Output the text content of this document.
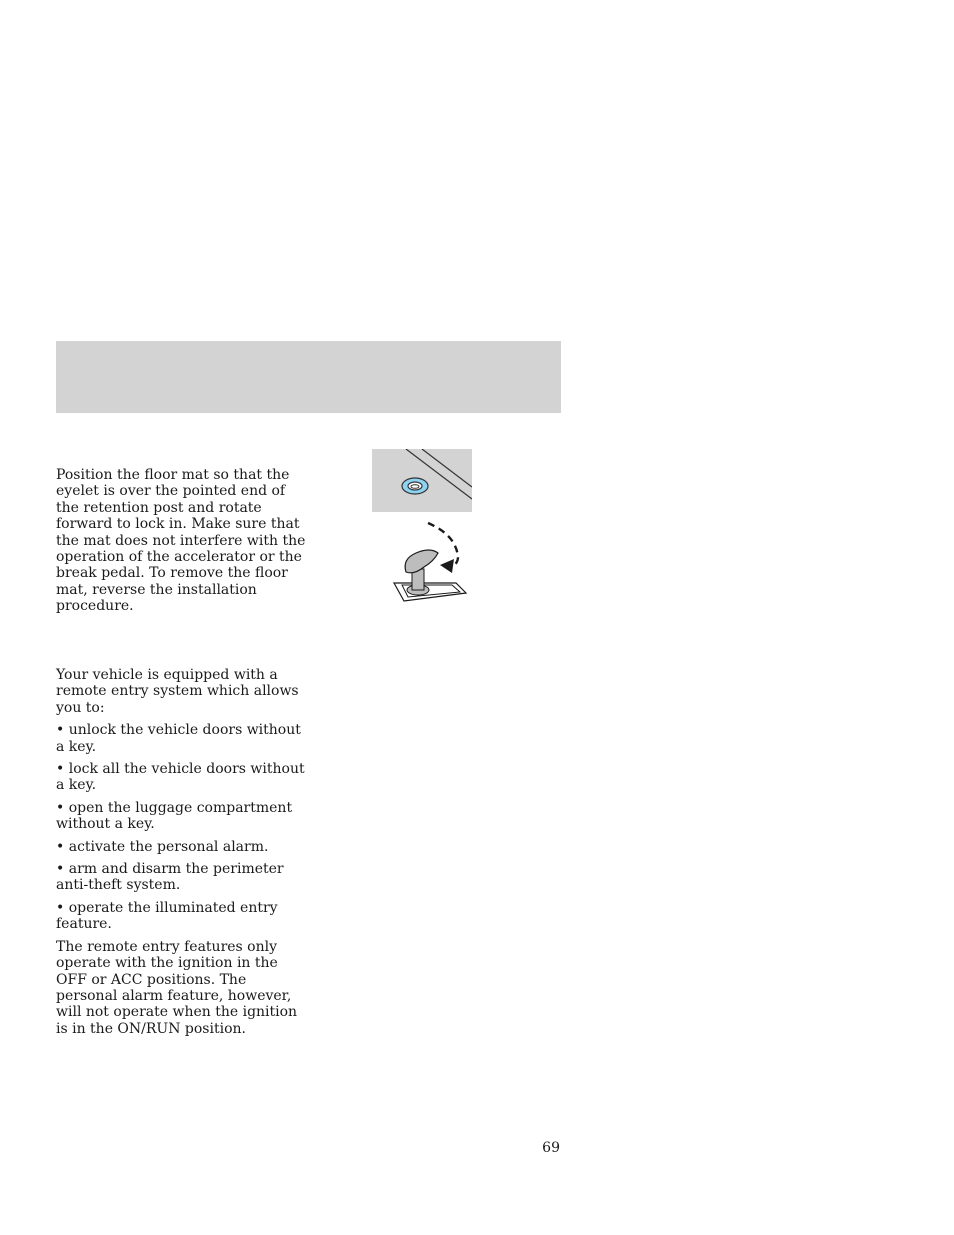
Position the floor mat so that the eyelet is over the pointed end of the retention post and rotate forward to lock in. Make sure that the mat does not interfere with the operation of the accelerator or the break pedal. To remove the floor mat, reverse the installation procedure.

Your vehicle is equipped with a remote entry system which allows you to:

• unlock the vehicle doors without a key.

• lock all the vehicle doors without a key.

• open the luggage compartment without a key.

• activate the personal alarm.

• arm and disarm the perimeter anti-theft system.

• operate the illuminated entry feature.

The remote entry features only operate with the ignition in the OFF or ACC positions. The personal alarm feature, however, will not operate when the ignition is in the ON/RUN position.

69
